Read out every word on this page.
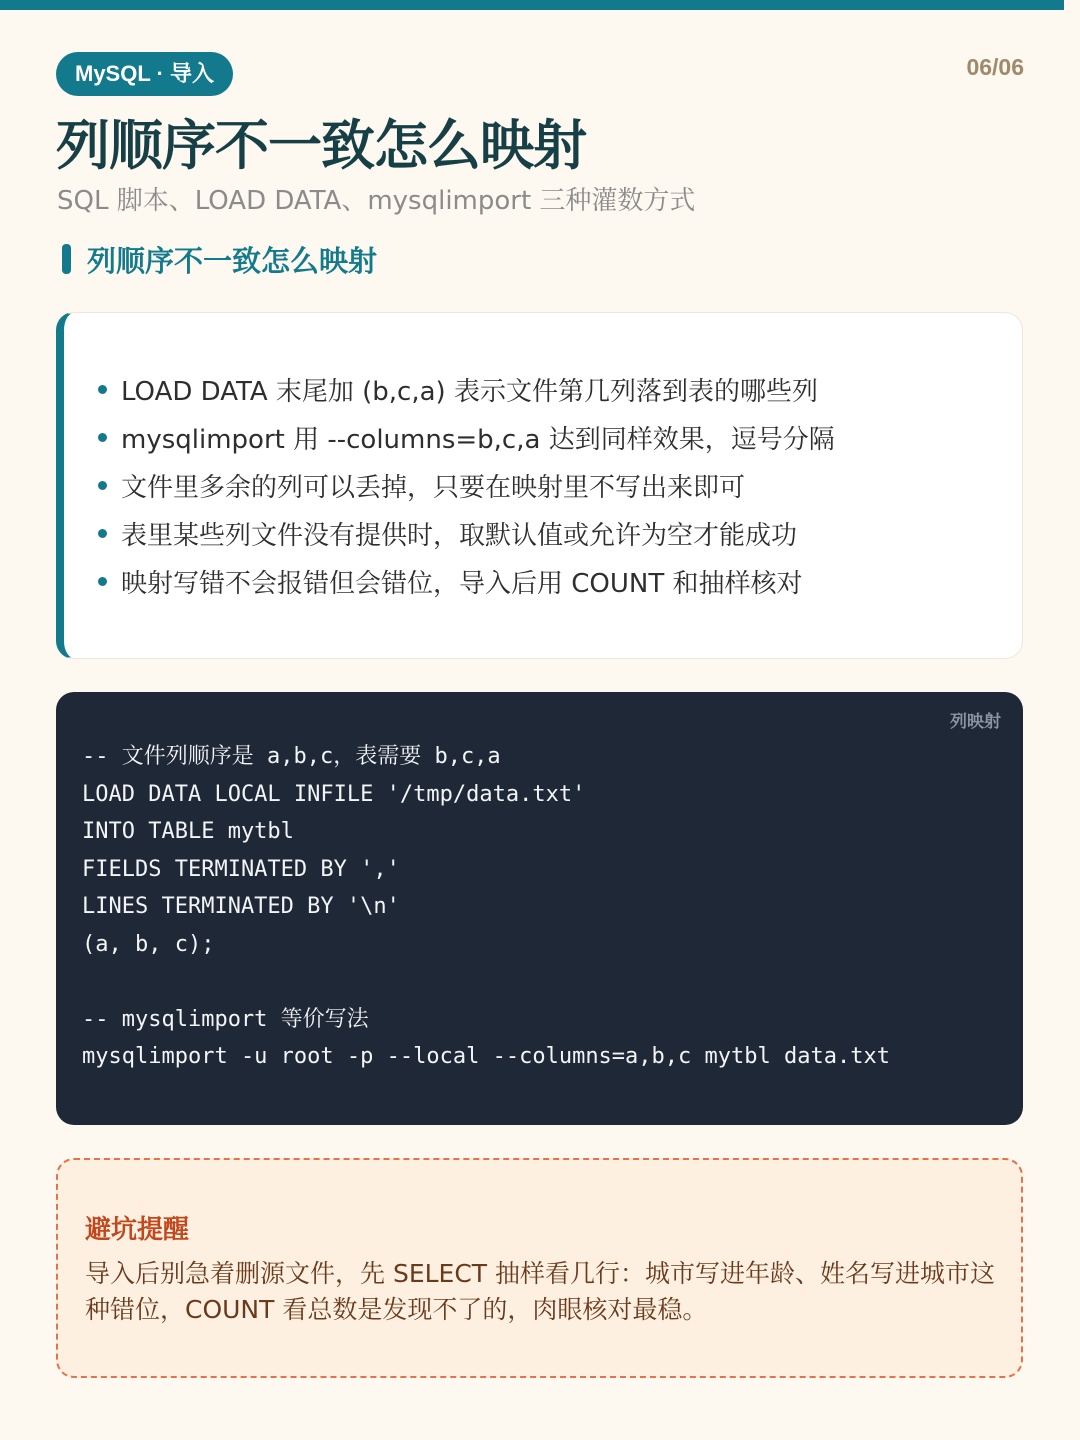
MySQL · 导入	06/06
列顺序不一致怎么映射
SQL 脚本、LOAD DATA、mysqlimport 三种灌数方式
列顺序不一致怎么映射
LOAD DATA 末尾加 (b,c,a) 表示文件第几列落到表的哪些列
mysqlimport 用 --columns=b,c,a 达到同样效果，逗号分隔
文件里多余的列可以丢掉，只要在映射里不写出来即可
表里某些列文件没有提供时，取默认值或允许为空才能成功
映射写错不会报错但会错位，导入后用 COUNT 和抽样核对
列映射
-- 文件列顺序是 a,b,c，表需要 b,c,a
LOAD DATA LOCAL INFILE '/tmp/data.txt'
INTO TABLE mytbl
FIELDS TERMINATED BY ','
LINES TERMINATED BY '\n'
(a, b, c);

-- mysqlimport 等价写法
mysqlimport -u root -p --local --columns=a,b,c mytbl data.txt
避坑提醒
导入后别急着删源文件，先 SELECT 抽样看几行：城市写进年龄、姓名写进城市这种错位，COUNT 看总数是发现不了的，肉眼核对最稳。
